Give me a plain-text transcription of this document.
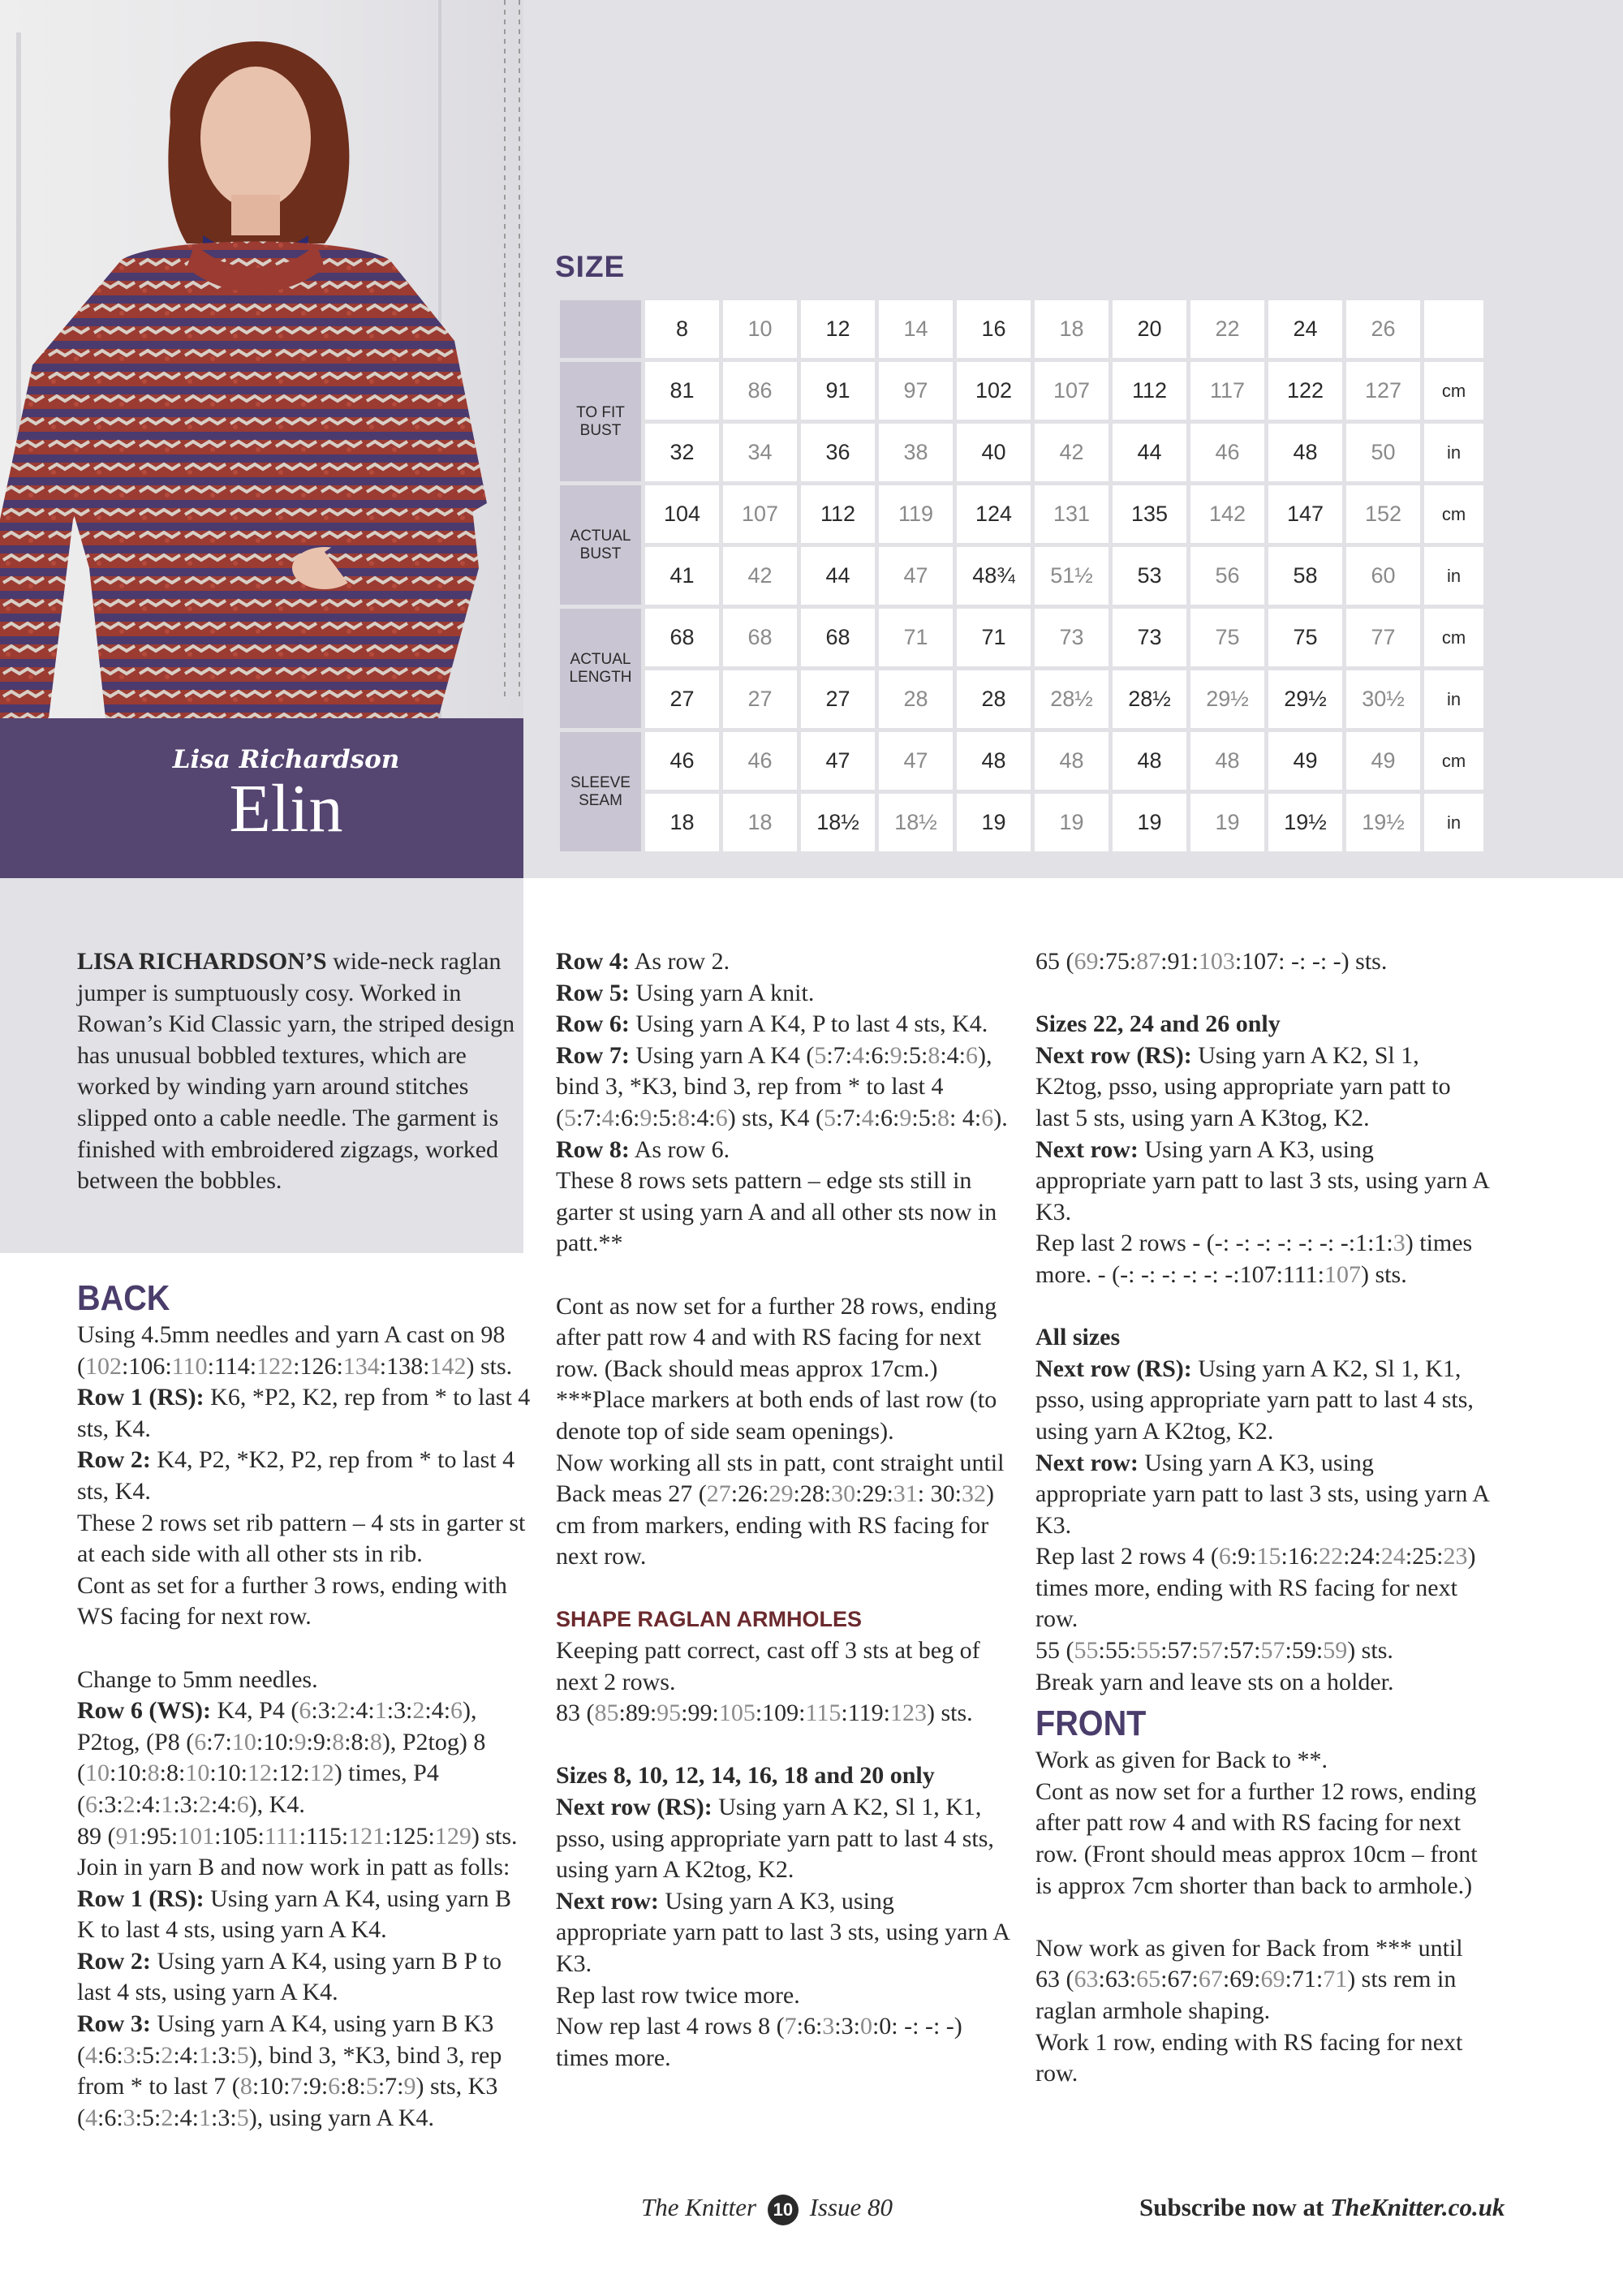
Lisa Richardson
Elin
SIZE
	8	10	12	14	16	18	20	22	24	26	
TO FIT BUST	81	86	91	97	102	107	112	117	122	127	cm
	32	34	36	38	40	42	44	46	48	50	in
ACTUAL BUST	104	107	112	119	124	131	135	142	147	152	cm
	41	42	44	47	48¾	51½	53	56	58	60	in
ACTUAL LENGTH	68	68	68	71	71	73	73	75	75	77	cm
	27	27	27	28	28	28½	28½	29½	29½	30½	in
SLEEVE SEAM	46	46	47	47	48	48	48	48	49	49	cm
	18	18	18½	18½	19	19	19	19	19½	19½	in

LISA RICHARDSON’S wide-neck raglan jumper is sumptuously cosy. Worked in Rowan’s Kid Classic yarn, the striped design has unusual bobbled textures, which are worked by winding yarn around stitches slipped onto a cable needle. The garment is finished with embroidered zigzags, worked between the bobbles.

BACK

Using 4.5mm needles and yarn A cast on 98 (102:106:110:114:122:126:134:138:142) sts.

Row 1 (RS): K6, *P2, K2, rep from * to last 4 sts, K4.

Row 2: K4, P2, *K2, P2, rep from * to last 4 sts, K4.

These 2 rows set rib pattern – 4 sts in garter st at each side with all other sts in rib.

Cont as set for a further 3 rows, ending with WS facing for next row.

Change to 5mm needles.

Row 6 (WS): K4, P4 (6:3:2:4:1:3:2:4:6), P2tog, (P8 (6:7:10:10:9:9:8:8:8), P2tog) 8 (10:10:8:8:10:10:12:12:12) times, P4 (6:3:2:4:1:3:2:4:6), K4.

89 (91:95:101:105:111:115:121:125:129) sts.

Join in yarn B and now work in patt as folls:

Row 1 (RS): Using yarn A K4, using yarn B K to last 4 sts, using yarn A K4.

Row 2: Using yarn A K4, using yarn B P to last 4 sts, using yarn A K4.

Row 3: Using yarn A K4, using yarn B K3 (4:6:3:5:2:4:1:3:5), bind 3, *K3, bind 3, rep from * to last 7 (8:10:7:9:6:8:5:7:9) sts, K3 (4:6:3:5:2:4:1:3:5), using yarn A K4.

Row 4: As row 2.

Row 5: Using yarn A knit.

Row 6: Using yarn A K4, P to last 4 sts, K4.

Row 7: Using yarn A K4 (5:7:4:6:9:5:8:4:6), bind 3, *K3, bind 3, rep from * to last 4 (5:7:4:6:9:5:8:4:6) sts, K4 (5:7:4:6:9:5:8: 4:6).

Row 8: As row 6.

These 8 rows sets pattern – edge sts still in garter st using yarn A and all other sts now in patt.**

Cont as now set for a further 28 rows, ending after patt row 4 and with RS facing for next row. (Back should meas approx 17cm.)

***Place markers at both ends of last row (to denote top of side seam openings).

Now working all sts in patt, cont straight until Back meas 27 (27:26:29:28:30:29:31: 30:32) cm from markers, ending with RS facing for next row.

SHAPE RAGLAN ARMHOLES

Keeping patt correct, cast off 3 sts at beg of next 2 rows.

83 (85:89:95:99:105:109:115:119:123) sts.

Sizes 8, 10, 12, 14, 16, 18 and 20 only

Next row (RS): Using yarn A K2, Sl 1, K1, psso, using appropriate yarn patt to last 4 sts, using yarn A K2tog, K2.

Next row: Using yarn A K3, using appropriate yarn patt to last 3 sts, using yarn A K3.

Rep last row twice more.

Now rep last 4 rows 8 (7:6:3:3:0:0: -: -: -) times more.

65 (69:75:87:91:103:107: -: -: -) sts.

Sizes 22, 24 and 26 only

Next row (RS): Using yarn A K2, Sl 1, K2tog, psso, using appropriate yarn patt to last 5 sts, using yarn A K3tog, K2.

Next row: Using yarn A K3, using appropriate yarn patt to last 3 sts, using yarn A K3.

Rep last 2 rows - (-: -: -: -: -: -: -:1:1:3) times more. - (-: -: -: -: -: -:107:111:107) sts.

All sizes

Next row (RS): Using yarn A K2, Sl 1, K1, psso, using appropriate yarn patt to last 4 sts, using yarn A K2tog, K2.

Next row: Using yarn A K3, using appropriate yarn patt to last 3 sts, using yarn A K3.

Rep last 2 rows 4 (6:9:15:16:22:24:24:25:23) times more, ending with RS facing for next row.

55 (55:55:55:57:57:57:57:59:59) sts.

Break yarn and leave sts on a holder.

FRONT

Work as given for Back to **.

Cont as now set for a further 12 rows, ending after patt row 4 and with RS facing for next row. (Front should meas approx 10cm – front is approx 7cm shorter than back to armhole.)

Now work as given for Back from *** until 63 (63:63:65:67:67:69:69:71:71) sts rem in raglan armhole shaping.

Work 1 row, ending with RS facing for next row.

The Knitter 10 Issue 80	Subscribe now at TheKnitter.co.uk
